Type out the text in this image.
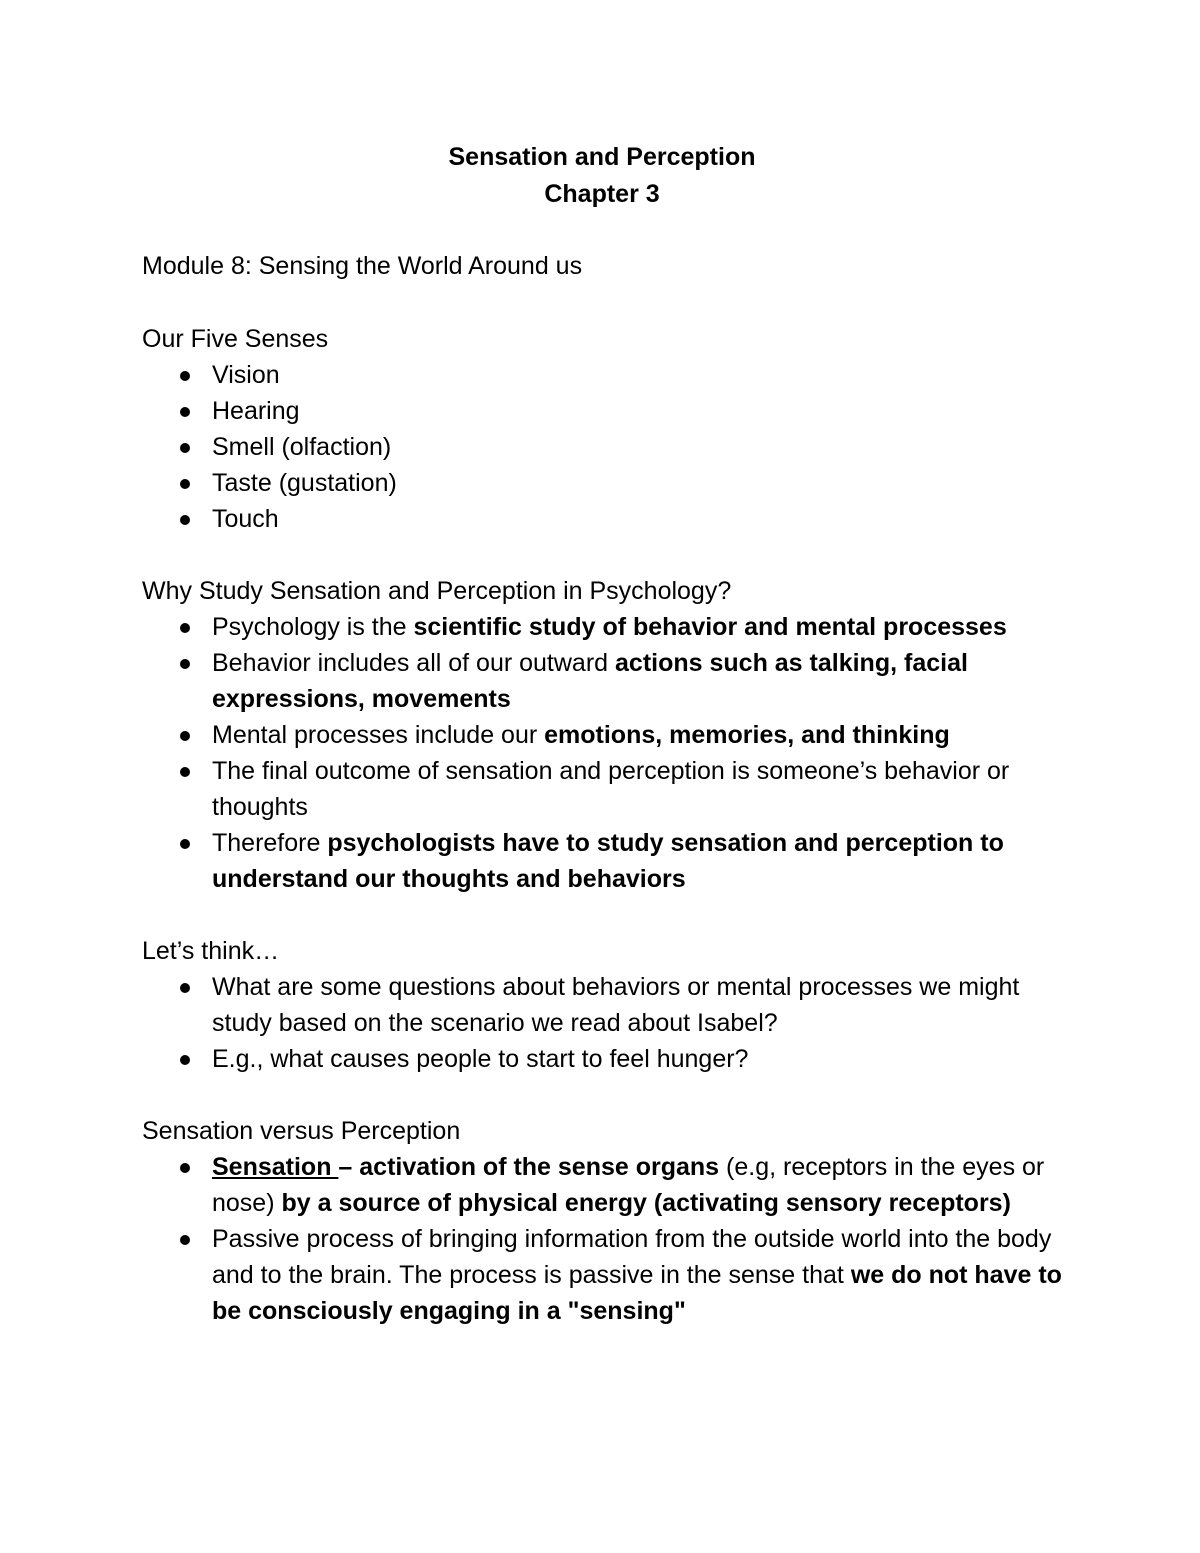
Sensation and Perception

Chapter 3

Module 8: Sensing the World Around us

Our Five Senses

Vision
Hearing
Smell (olfaction)
Taste (gustation)
Touch

Why Study Sensation and Perception in Psychology?

Psychology is the scientific study of behavior and mental processes
Behavior includes all of our outward actions such as talking, facial expressions, movements
Mental processes include our emotions, memories, and thinking
The final outcome of sensation and perception is someone’s behavior or thoughts
Therefore psychologists have to study sensation and perception to understand our thoughts and behaviors

Let’s think…

What are some questions about behaviors or mental processes we might study based on the scenario we read about Isabel?
E.g., what causes people to start to feel hunger?

Sensation versus Perception

Sensation – activation of the sense organs (e.g, receptors in the eyes or nose) by a source of physical energy (activating sensory receptors)
Passive process of bringing information from the outside world into the body and to the brain. The process is passive in the sense that we do not have to be consciously engaging in a "sensing"
